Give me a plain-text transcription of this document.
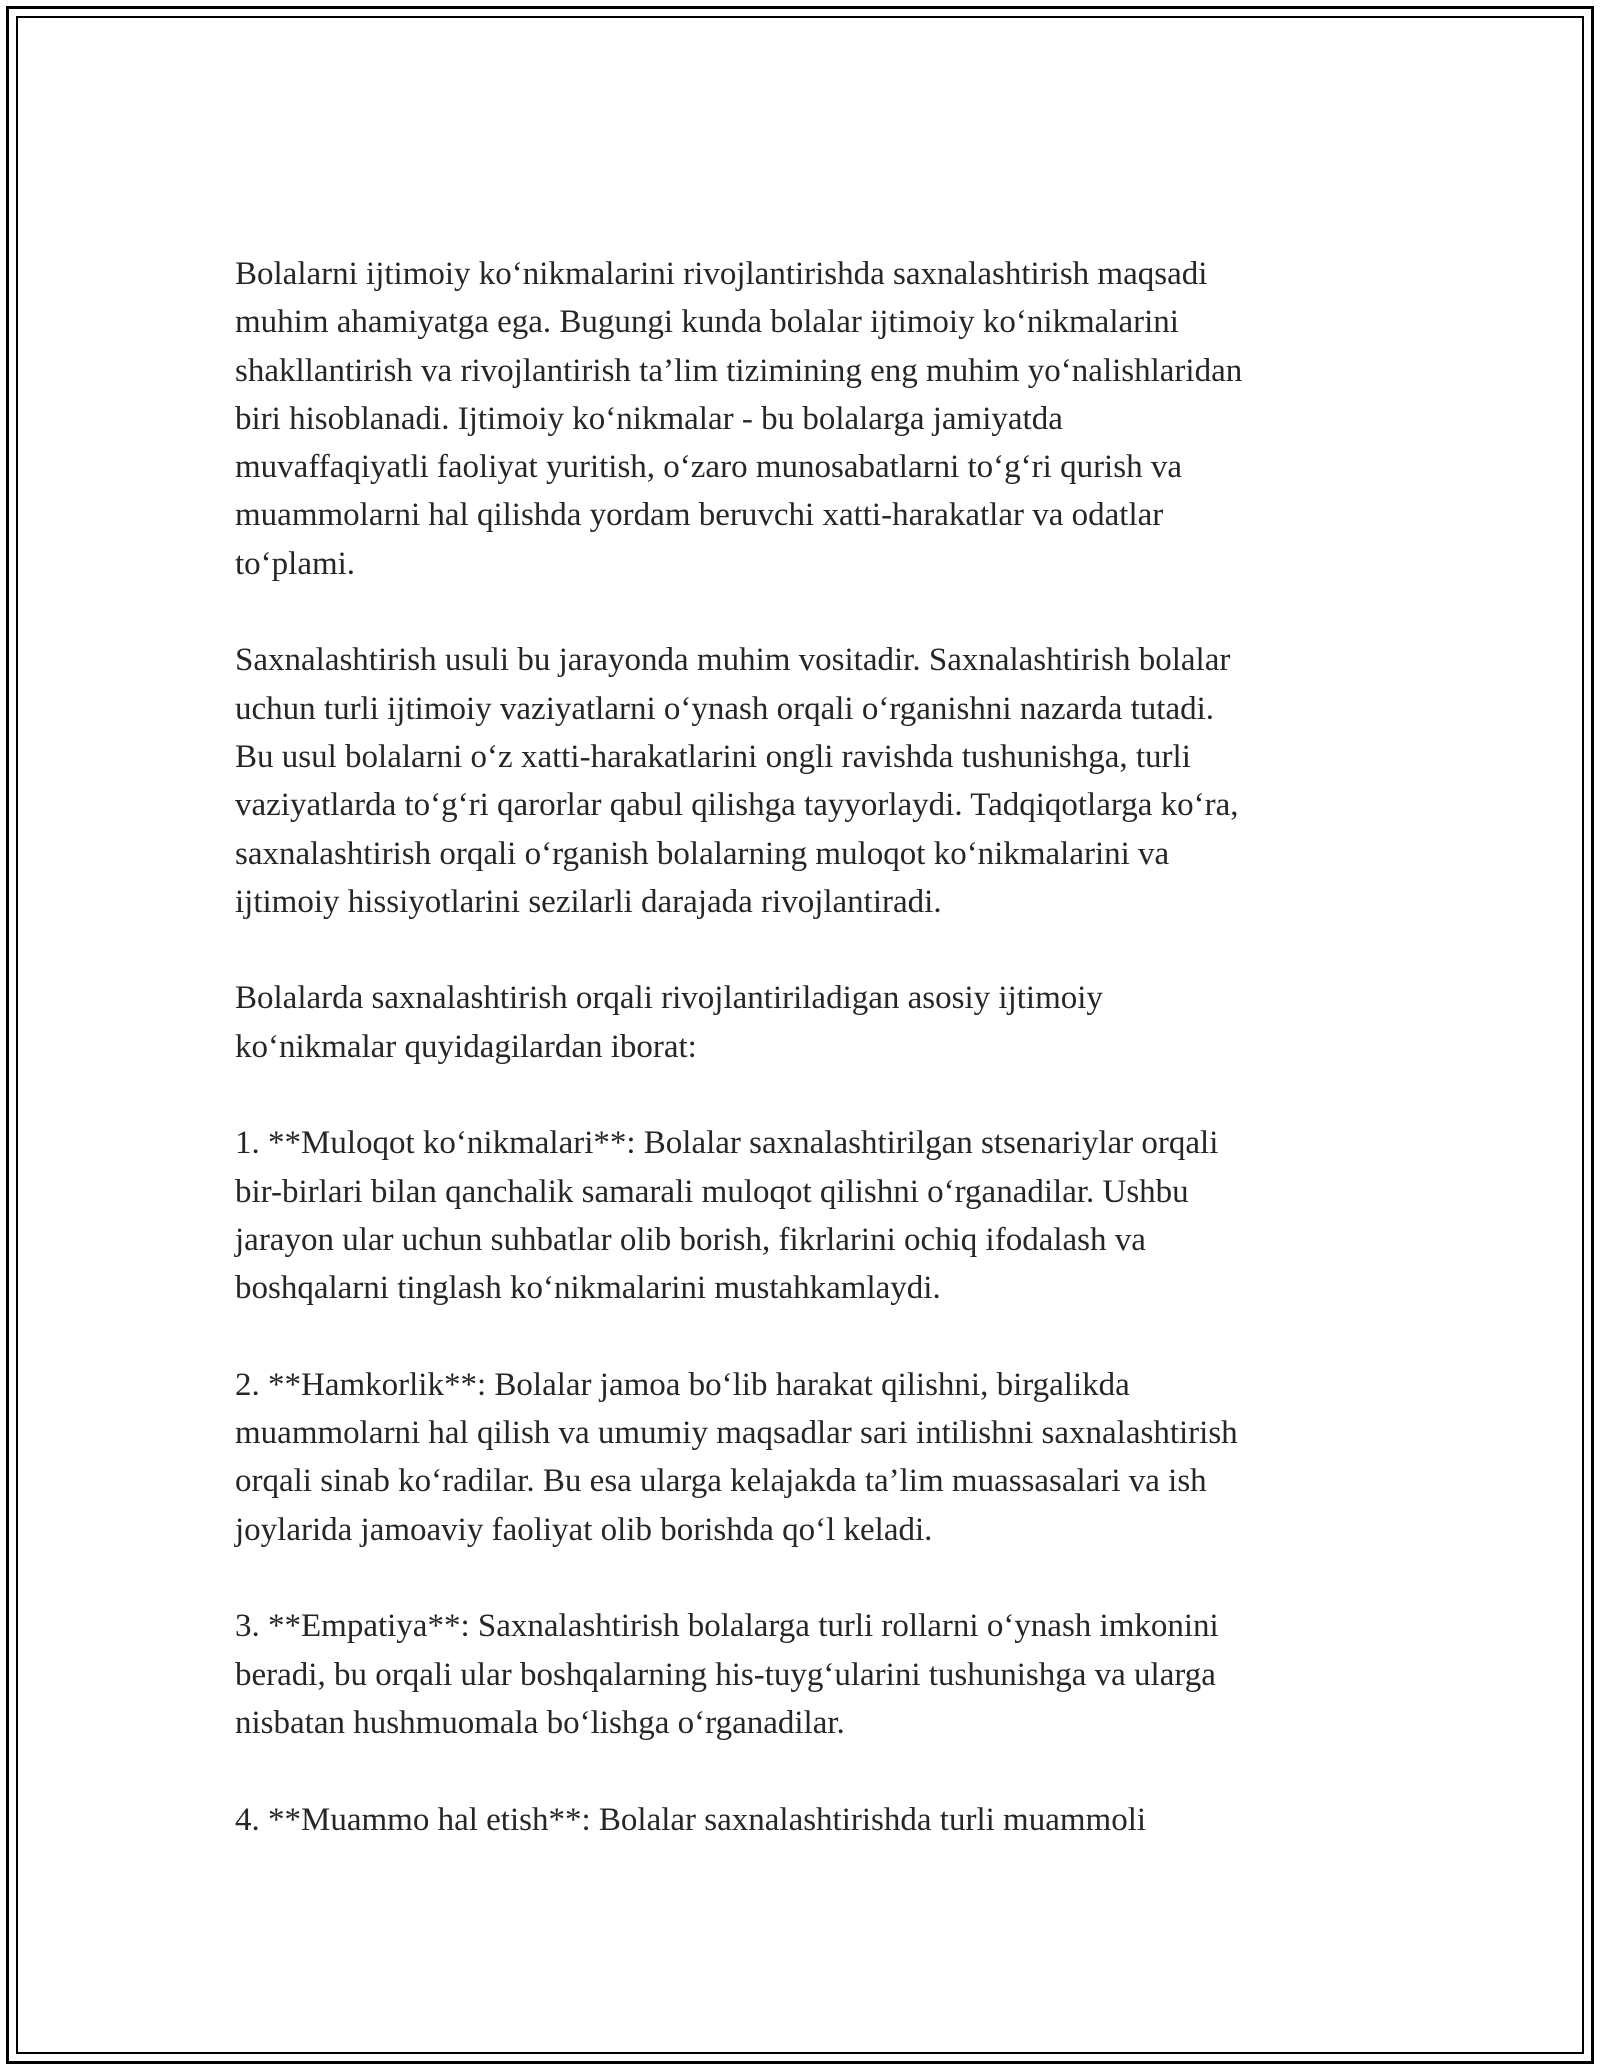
Bolalarni ijtimoiy ko‘nikmalarini rivojlantirishda saxnalashtirish maqsadi
muhim ahamiyatga ega. Bugungi kunda bolalar ijtimoiy ko‘nikmalarini
shakllantirish va rivojlantirish ta’lim tizimining eng muhim yo‘nalishlaridan
biri hisoblanadi. Ijtimoiy ko‘nikmalar - bu bolalarga jamiyatda
muvaffaqiyatli faoliyat yuritish, o‘zaro munosabatlarni to‘g‘ri qurish va
muammolarni hal qilishda yordam beruvchi xatti-harakatlar va odatlar
to‘plami.

Saxnalashtirish usuli bu jarayonda muhim vositadir. Saxnalashtirish bolalar
uchun turli ijtimoiy vaziyatlarni o‘ynash orqali o‘rganishni nazarda tutadi.
Bu usul bolalarni o‘z xatti-harakatlarini ongli ravishda tushunishga, turli
vaziyatlarda to‘g‘ri qarorlar qabul qilishga tayyorlaydi. Tadqiqotlarga ko‘ra,
saxnalashtirish orqali o‘rganish bolalarning muloqot ko‘nikmalarini va
ijtimoiy hissiyotlarini sezilarli darajada rivojlantiradi.

Bolalarda saxnalashtirish orqali rivojlantiriladigan asosiy ijtimoiy
ko‘nikmalar quyidagilardan iborat:

1. **Muloqot ko‘nikmalari**: Bolalar saxnalashtirilgan stsenariylar orqali
bir-birlari bilan qanchalik samarali muloqot qilishni o‘rganadilar. Ushbu
jarayon ular uchun suhbatlar olib borish, fikrlarini ochiq ifodalash va
boshqalarni tinglash ko‘nikmalarini mustahkamlaydi.

2. **Hamkorlik**: Bolalar jamoa bo‘lib harakat qilishni, birgalikda
muammolarni hal qilish va umumiy maqsadlar sari intilishni saxnalashtirish
orqali sinab ko‘radilar. Bu esa ularga kelajakda ta’lim muassasalari va ish
joylarida jamoaviy faoliyat olib borishda qo‘l keladi.

3. **Empatiya**: Saxnalashtirish bolalarga turli rollarni o‘ynash imkonini
beradi, bu orqali ular boshqalarning his-tuyg‘ularini tushunishga va ularga
nisbatan hushmuomala bo‘lishga o‘rganadilar.

4. **Muammo hal etish**: Bolalar saxnalashtirishda turli muammoli
